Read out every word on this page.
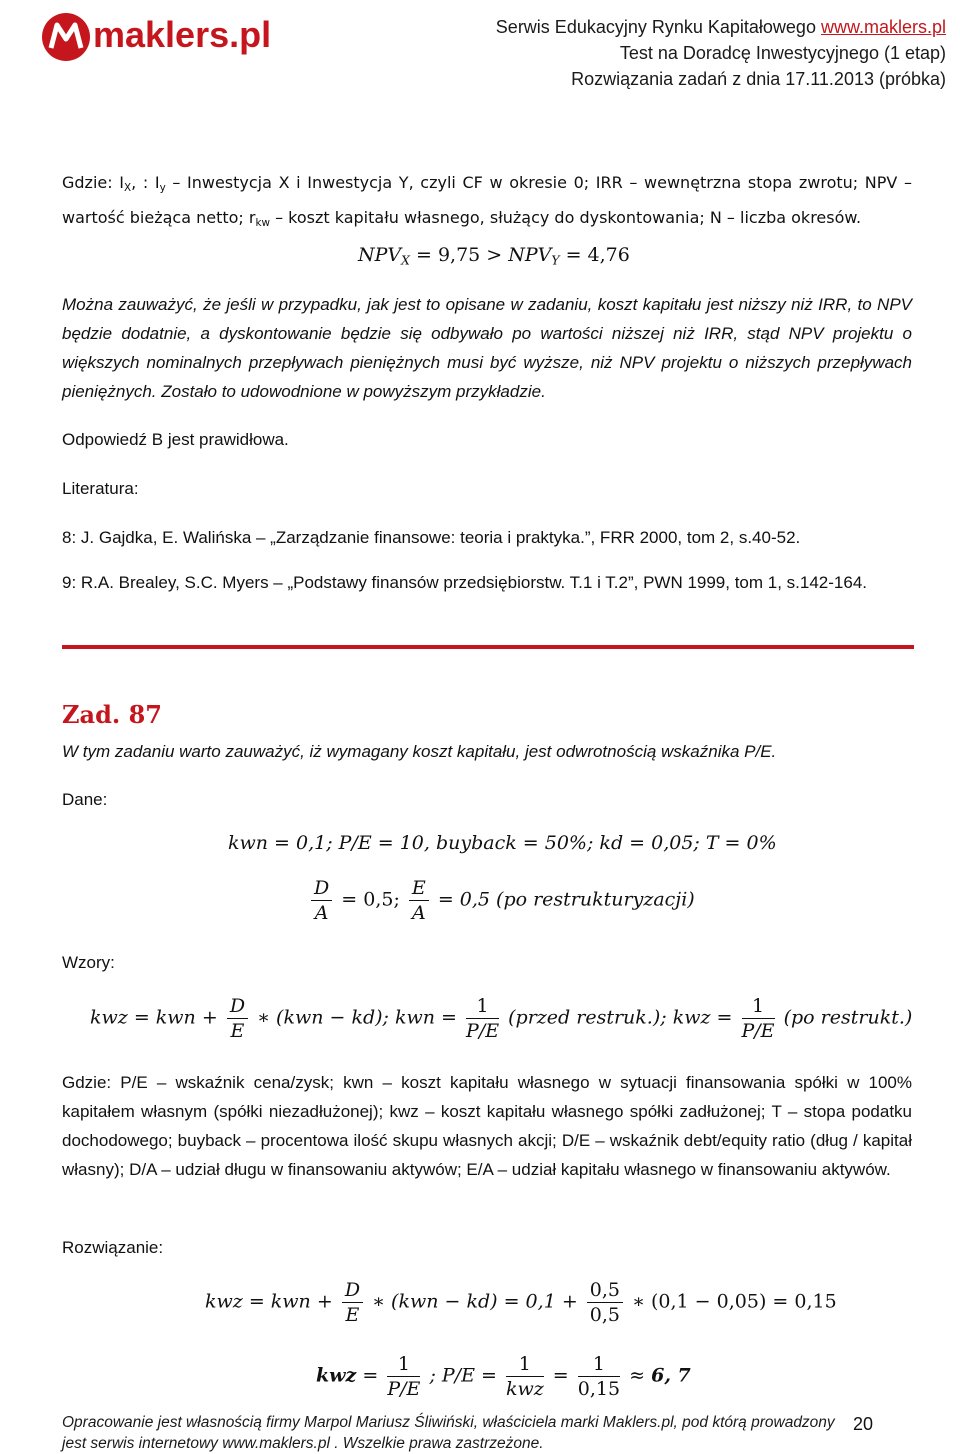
maklers.pl	Serwis Edukacyjny Rynku Kapitałowego www.maklers.pl
Test na Doradcę Inwestycyjnego (1 etap)
Rozwiązania zadań z dnia 17.11.2013 (próbka)
Gdzie: $I_X$, : $I_y$ – Inwestycja X i Inwestycja Y, czyli CF w okresie 0; IRR – wewnętrzna stopa zwrotu; NPV – wartość bieżąca netto; $r_{kw}$ – koszt kapitału własnego, służący do dyskontowania; N – liczba okresów.
$NPV_X = 9,75 > NPV_Y = 4,76$
Można zauważyć, że jeśli w przypadku, jak jest to opisane w zadaniu, koszt kapitału jest niższy niż IRR, to NPV będzie dodatnie, a dyskontowanie będzie się odbywało po wartości niższej niż IRR, stąd NPV projektu o większych nominalnych przepływach pieniężnych musi być wyższe, niż NPV projektu o niższych przepływach pieniężnych. Zostało to udowodnione w powyższym przykładzie.
Odpowiedź B jest prawidłowa.
Literatura:
8: J. Gajdka, E. Walińska – „Zarządzanie finansowe: teoria i praktyka.”, FRR 2000, tom 2, s.40-52.
9: R.A. Brealey, S.C. Myers – „Podstawy finansów przedsiębiorstw. T.1 i T.2”, PWN 1999, tom 1, s.142-164.
Zad. 87
W tym zadaniu warto zauważyć, iż wymagany koszt kapitału, jest odwrotnością wskaźnika P/E.
Dane:
kwn = 0,1; P/E = 10, buyback = 50%; kd = 0,05; T = 0%
$\frac{D}{A} = 0,5$; $\frac{E}{A} = 0,5$ (po restrukturyzacji)
Wzory:
kwz = kwn + $\frac{D}{E}$ ∗ (kwn − kd); kwn = $\frac{1}{P/E}$ (przed restruk.); kwz = $\frac{1}{P/E} (po$ restrukt.)
Gdzie: P/E – wskaźnik cena/zysk; kwn – koszt kapitału własnego w sytuacji finansowania spółki w 100% kapitałem własnym (spółki niezadłużonej); kwz – koszt kapitału własnego spółki zadłużonej; T – stopa podatku dochodowego; buyback – procentowa ilość skupu własnych akcji; D/E – wskaźnik debt/equity ratio (dług / kapitał własny); D/A – udział długu w finansowaniu aktywów; E/A – udział kapitału własnego w finansowaniu aktywów.
Rozwiązanie:
kwz = kwn + $\frac{D}{E}$ ∗ $(kwn - kd) = 0,1 + \frac{0,5}{0,5}$ ∗ (0,1 − 0,05) = 0,15
kwz = $\frac{1}{P/E}$ ; $P/E = \frac{1}{\text{kwz}} = \frac{1}{0,15} \approx 6$, 7
Opracowanie jest własnością firmy Marpol Mariusz Śliwiński, właściciela marki Maklers.pl, pod którą prowadzony jest serwis internetowy www.maklers.pl . Wszelkie prawa zastrzeżone.
20
